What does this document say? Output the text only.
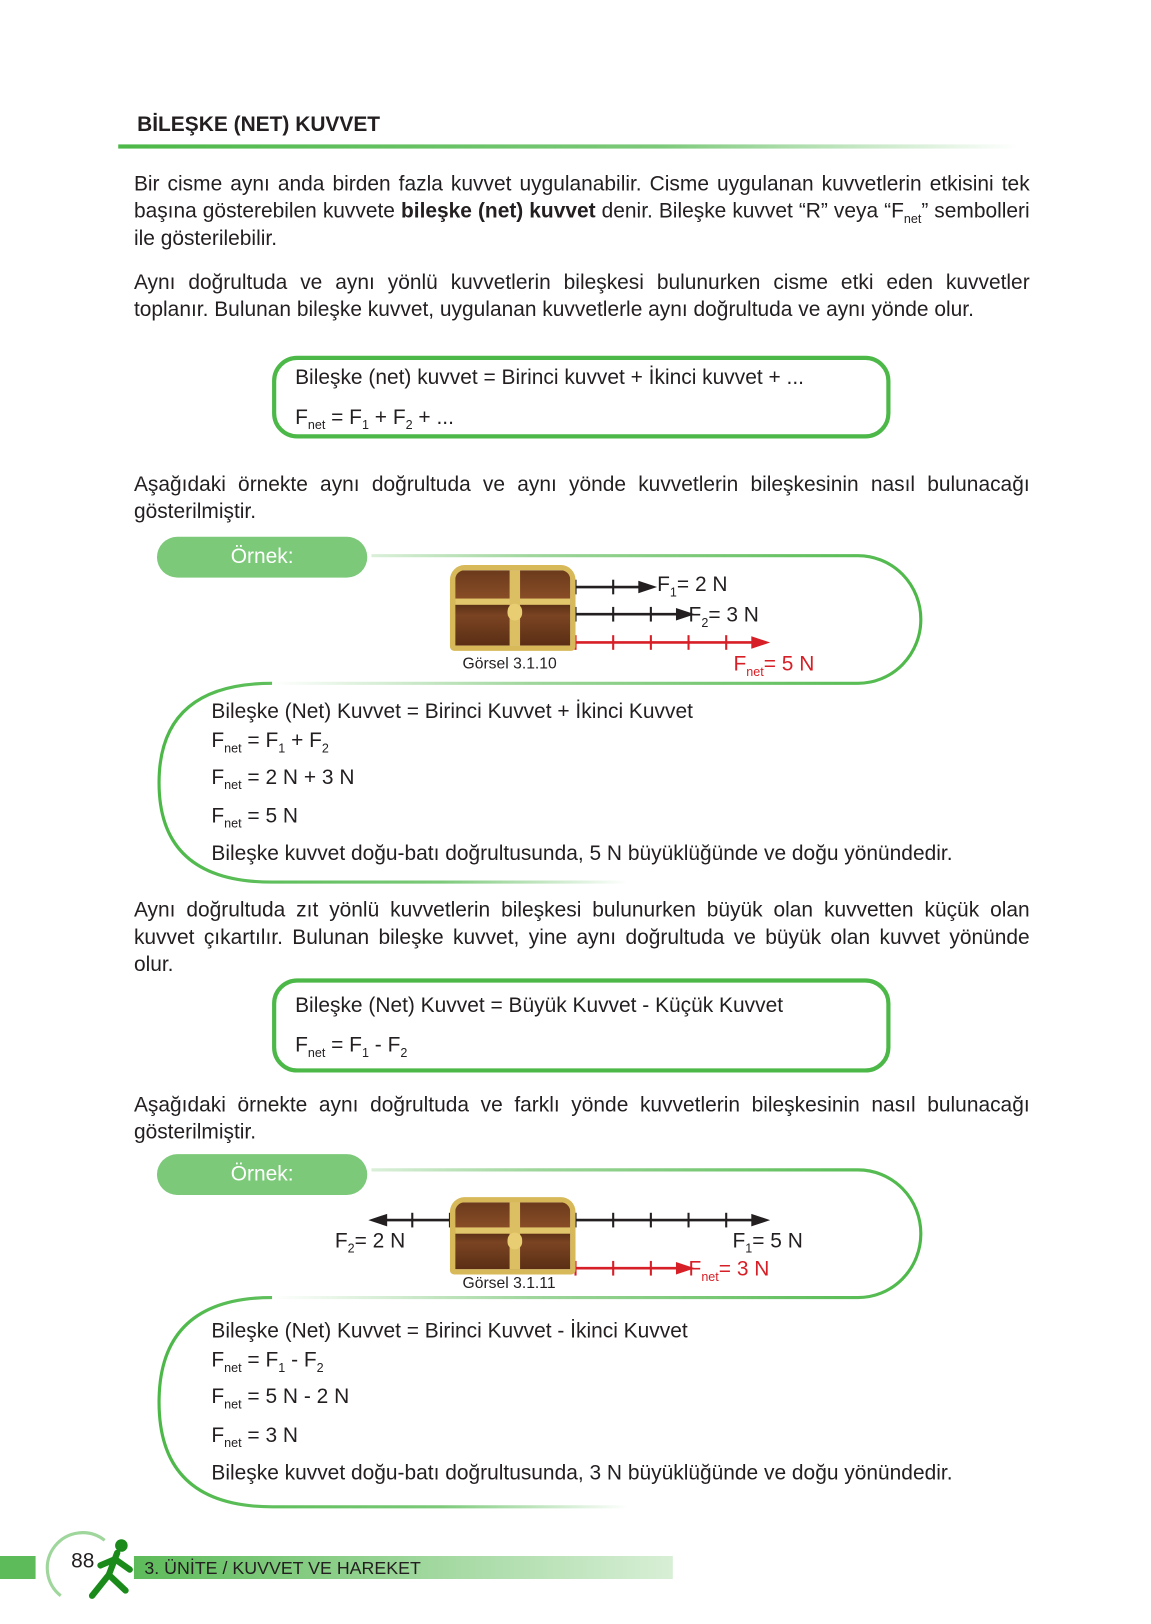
BİLEŞKE (NET) KUVVET
Bir cisme aynı anda birden fazla kuvvet uygulanabilir. Cisme uygulanan kuvvetlerin etkisini tek başına gösterebilen kuvvete bileşke (net) kuvvet denir. Bileşke kuvvet “R” veya “$F_{net}$” sembolleri ile gösterilebilir.
Aynı doğrultuda ve aynı yönlü kuvvetlerin bileşkesi bulunurken cisme etki eden kuvvetler toplanır. Bulunan bileşke kuvvet, uygulanan kuvvetlerle aynı doğrultuda ve aynı yönde olur.
Bileşke (net) kuvvet = Birinci kuvvet + İkinci kuvvet + ...
$F_{net} = F_1 + F_2$ + ...
Aşağıdaki örnekte aynı doğrultuda ve aynı yönde kuvvetlerin bileşkesinin nasıl bulunacağı gösterilmiştir.
Örnek:
Görsel 3.1.10
$F_1= 2$ N
$F_2= 3$ N
$F_{net}= 5$ N
Bileşke (Net) Kuvvet = Birinci Kuvvet + İkinci Kuvvet
$F_{net} = F_1 + F_2$
$F_{net} = 2$ N + 3 N
$F_{net} = 5$ N
Bileşke kuvvet doğu-batı doğrultusunda, 5 N büyüklüğünde ve doğu yönündedir.
Aynı doğrultuda zıt yönlü kuvvetlerin bileşkesi bulunurken büyük olan kuvvetten küçük olan kuvvet çıkartılır. Bulunan bileşke kuvvet, yine aynı doğrultuda ve büyük olan kuvvet yönünde olur.
Bileşke (Net) Kuvvet = Büyük Kuvvet - Küçük Kuvvet
$F_{net} = F_1 - F_2$
Aşağıdaki örnekte aynı doğrultuda ve farklı yönde kuvvetlerin bileşkesinin nasıl bulunacağı gösterilmiştir.
Örnek:
Görsel 3.1.11
$F_2= 2$ N	$F_1= 5$ N
$F_{net}= 3$ N
Bileşke (Net) Kuvvet = Birinci Kuvvet - İkinci Kuvvet
$F_{net} = F_1 - F_2$
$F_{net} = 5$ N - 2 N
$F_{net} = 3$ N
Bileşke kuvvet doğu-batı doğrultusunda, 3 N büyüklüğünde ve doğu yönündedir.
88	3. ÜNİTE / KUVVET VE HAREKET
